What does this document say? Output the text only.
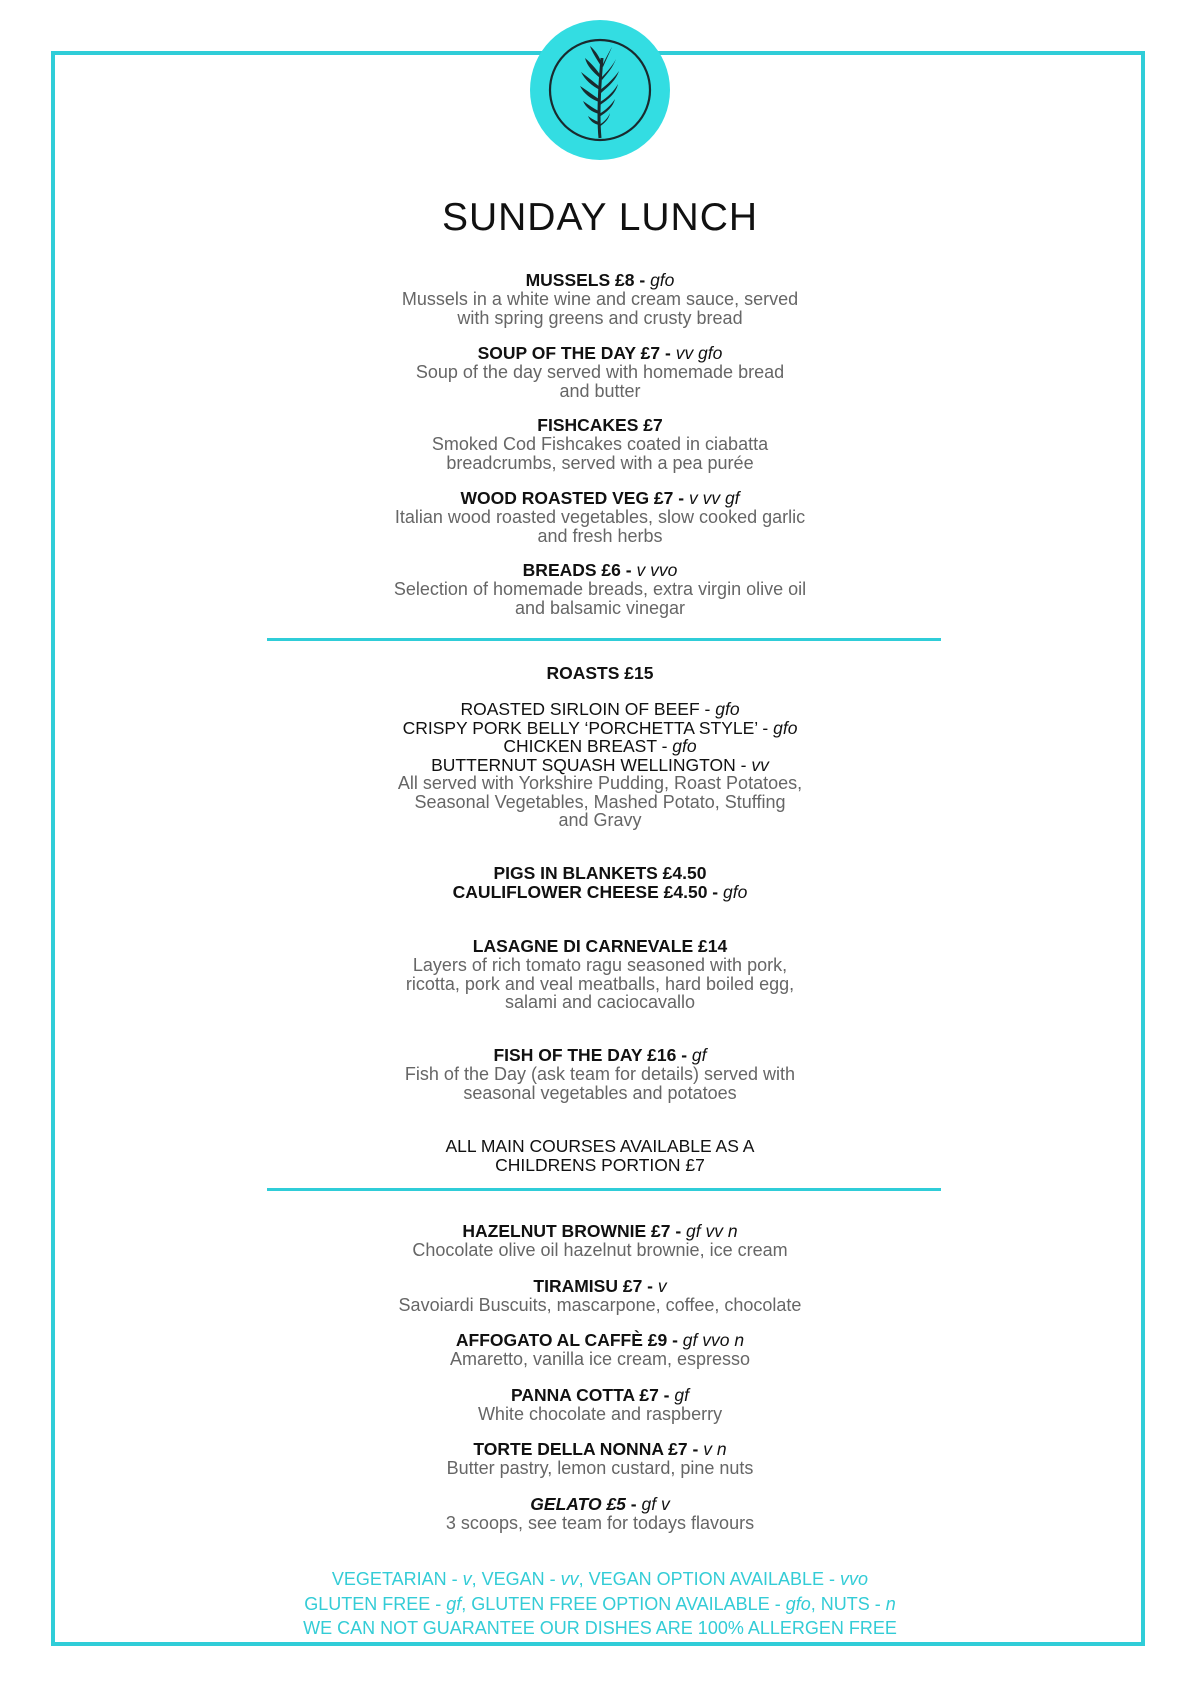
SUNDAY LUNCH
MUSSELS £8 - gfo
Mussels in a white wine and cream sauce, served
with spring greens and crusty bread
SOUP OF THE DAY £7 - vv gfo
Soup of the day served with homemade bread
and butter
FISHCAKES £7
Smoked Cod Fishcakes coated in ciabatta
breadcrumbs, served with a pea purée
WOOD ROASTED VEG £7 - v vv gf
Italian wood roasted vegetables, slow cooked garlic
and fresh herbs
BREADS £6 - v vvo
Selection of homemade breads, extra virgin olive oil
and balsamic vinegar
ROASTS £15
ROASTED SIRLOIN OF BEEF - gfo
CRISPY PORK BELLY ‘PORCHETTA STYLE’ - gfo
CHICKEN BREAST - gfo
BUTTERNUT SQUASH WELLINGTON - vv
All served with Yorkshire Pudding, Roast Potatoes,
Seasonal Vegetables, Mashed Potato, Stuffing
and Gravy
PIGS IN BLANKETS £4.50
CAULIFLOWER CHEESE £4.50 - gfo
LASAGNE DI CARNEVALE £14
Layers of rich tomato ragu seasoned with pork,
ricotta, pork and veal meatballs, hard boiled egg,
salami and caciocavallo
FISH OF THE DAY £16 - gf
Fish of the Day (ask team for details) served with
seasonal vegetables and potatoes
ALL MAIN COURSES AVAILABLE AS A
CHILDRENS PORTION £7
HAZELNUT BROWNIE £7 - gf vv n
Chocolate olive oil hazelnut brownie, ice cream
TIRAMISU £7 - v
Savoiardi Buscuits, mascarpone, coffee, chocolate
AFFOGATO AL CAFFÈ £9 - gf vvo n
Amaretto, vanilla ice cream, espresso
PANNA COTTA £7 - gf
White chocolate and raspberry
TORTE DELLA NONNA £7 - v n
Butter pastry, lemon custard, pine nuts
GELATO £5 - gf v
3 scoops, see team for todays flavours
VEGETARIAN - v, VEGAN - vv, VEGAN OPTION AVAILABLE - vvo
GLUTEN FREE - gf, GLUTEN FREE OPTION AVAILABLE - gfo, NUTS - n
WE CAN NOT GUARANTEE OUR DISHES ARE 100% ALLERGEN FREE
